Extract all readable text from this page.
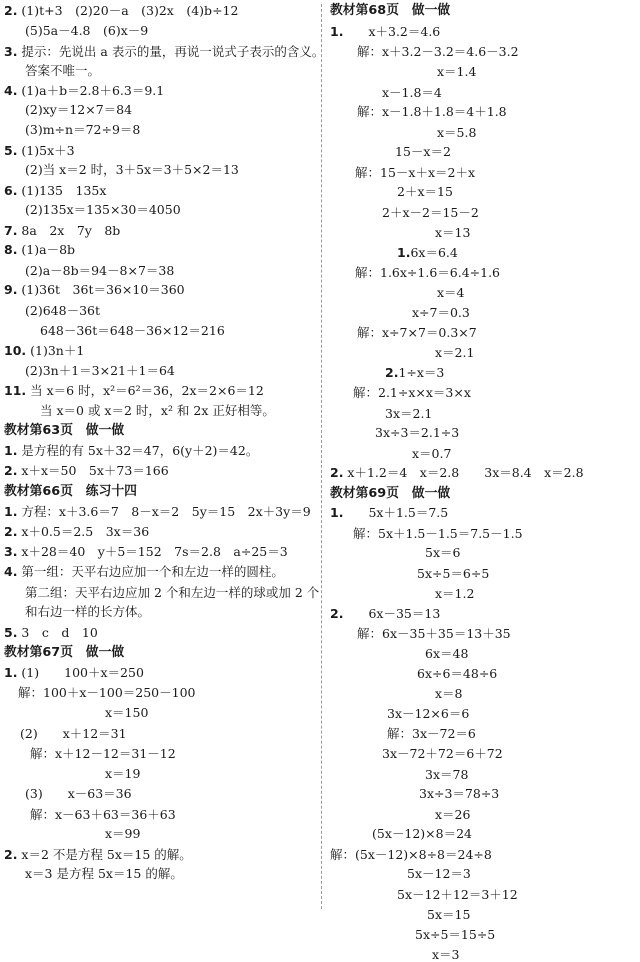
2. (1)t+3　(2)20－a　(3)2x　(4)b÷12
(5)5a－4.8　(6)x－9
3. 提示：先说出 a 表示的量，再说一说式子表示的含义。
答案不唯一。
4. (1)a＋b＝2.8＋6.3＝9.1
(2)xy＝12×7＝84
(3)m÷n＝72÷9＝8
5. (1)5x＋3
(2)当 x＝2 时，3＋5x＝3＋5×2＝13
6. (1)135　135x
(2)135x＝135×30＝4050
7. 8a　2x　7y　8b
8. (1)a－8b
(2)a－8b＝94－8×7＝38
9. (1)36t　36t＝36×10＝360
(2)648－36t
648－36t＝648－36×12＝216
10. (1)3n＋1
(2)3n＋1＝3×21＋1＝64
11. 当 x＝6 时，x²＝6²＝36，2x＝2×6＝12
当 x＝0 或 x＝2 时，x² 和 2x 正好相等。
教材第63页　做一做
1. 是方程的有 5x＋32＝47，6(y＋2)＝42。
2. x＋x＝50　5x＋73＝166
教材第66页　练习十四
1. 方程：x＋3.6＝7　8－x＝2　5y＝15　2x＋3y＝9
2. x＋0.5＝2.5　3x＝36
3. x＋28＝40　y＋5＝152　7s＝2.8　a÷25＝3
4. 第一组：天平右边应加一个和左边一样的圆柱。
第二组：天平右边应加 2 个和左边一样的球或加 2 个
和右边一样的长方体。
5. 3　c　d　10
教材第67页　做一做
1. (1)　　100＋x＝250
解：100＋x－100＝250－100
x＝150
(2)　　x＋12＝31
解：x＋12－12＝31－12
x＝19
(3)　　x－63＝36
解：x－63＋63＝36＋63
x＝99
2. x＝2 不是方程 5x＝15 的解。
x＝3 是方程 5x＝15 的解。
教材第68页　做一做
1.　　x＋3.2＝4.6
解：x＋3.2－3.2＝4.6－3.2
x＝1.4
x－1.8＝4
解：x－1.8＋1.8＝4＋1.8
x＝5.8
15－x＝2
解：15－x＋x＝2＋x
2＋x＝15
2＋x－2＝15－2
x＝13
1.6x＝6.4
解：1.6x÷1.6＝6.4÷1.6
x＝4
x÷7＝0.3
解：x÷7×7＝0.3×7
x＝2.1
2.1÷x＝3
解：2.1÷x×x＝3×x
3x＝2.1
3x÷3＝2.1÷3
x＝0.7
2. x＋1.2＝4　x＝2.8　　3x＝8.4　x＝2.8
教材第69页　做一做
1.　　5x＋1.5＝7.5
解：5x＋1.5－1.5＝7.5－1.5
5x＝6
5x÷5＝6÷5
x＝1.2
2.　　6x－35＝13
解：6x－35＋35＝13＋35
6x＝48
6x÷6＝48÷6
x＝8
3x－12×6＝6
解：3x－72＝6
3x－72＋72＝6＋72
3x＝78
3x÷3＝78÷3
x＝26
(5x－12)×8＝24
解：(5x－12)×8÷8＝24÷8
5x－12＝3
5x－12＋12＝3＋12
5x＝15
5x÷5＝15÷5
x＝3
